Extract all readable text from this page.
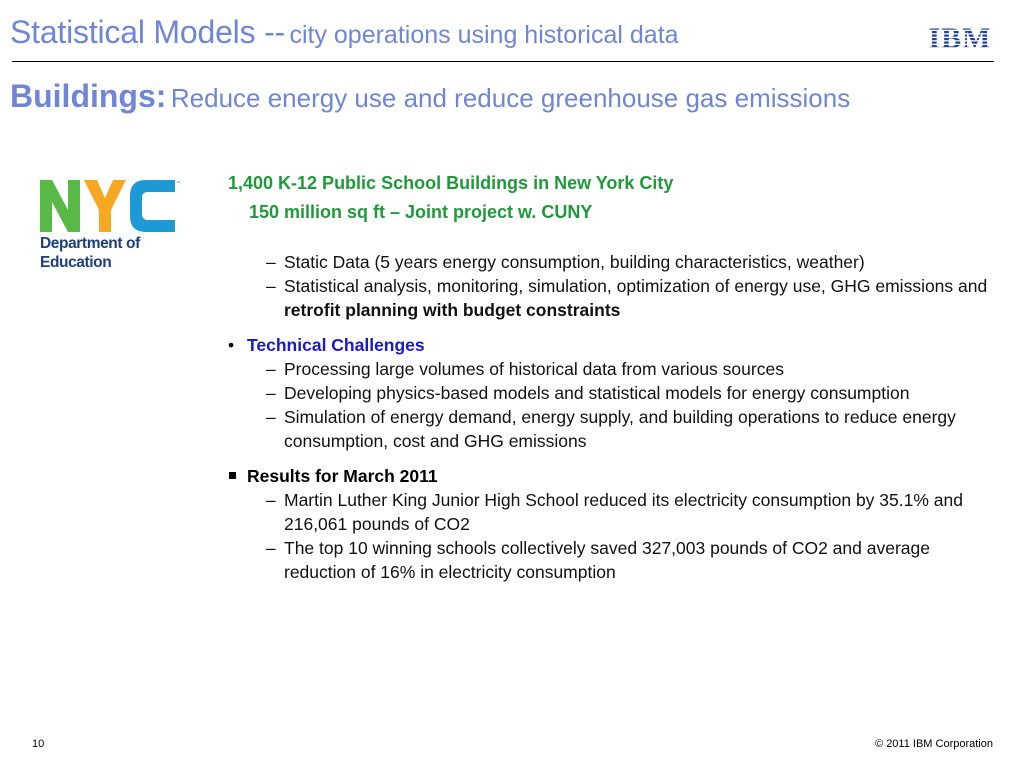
Statistical Models -- city operations using historical data	IBM
Buildings: Reduce energy use and reduce greenhouse gas emissions
™
Department of
Education
1,400 K-12 Public School Buildings in New York City
150 million sq ft – Joint project w. CUNY
– Static Data (5 years energy consumption, building characteristics, weather)
– Statistical analysis, monitoring, simulation, optimization of energy use, GHG emissions and retrofit planning with budget constraints
• Technical Challenges
– Processing large volumes of historical data from various sources
– Developing physics-based models and statistical models for energy consumption
– Simulation of energy demand, energy supply, and building operations to reduce energy consumption, cost and GHG emissions
Results for March 2011
– Martin Luther King Junior High School reduced its electricity consumption by 35.1% and 216,061 pounds of CO2
– The top 10 winning schools collectively saved 327,003 pounds of CO2 and average reduction of 16% in electricity consumption
10	© 2011 IBM Corporation
